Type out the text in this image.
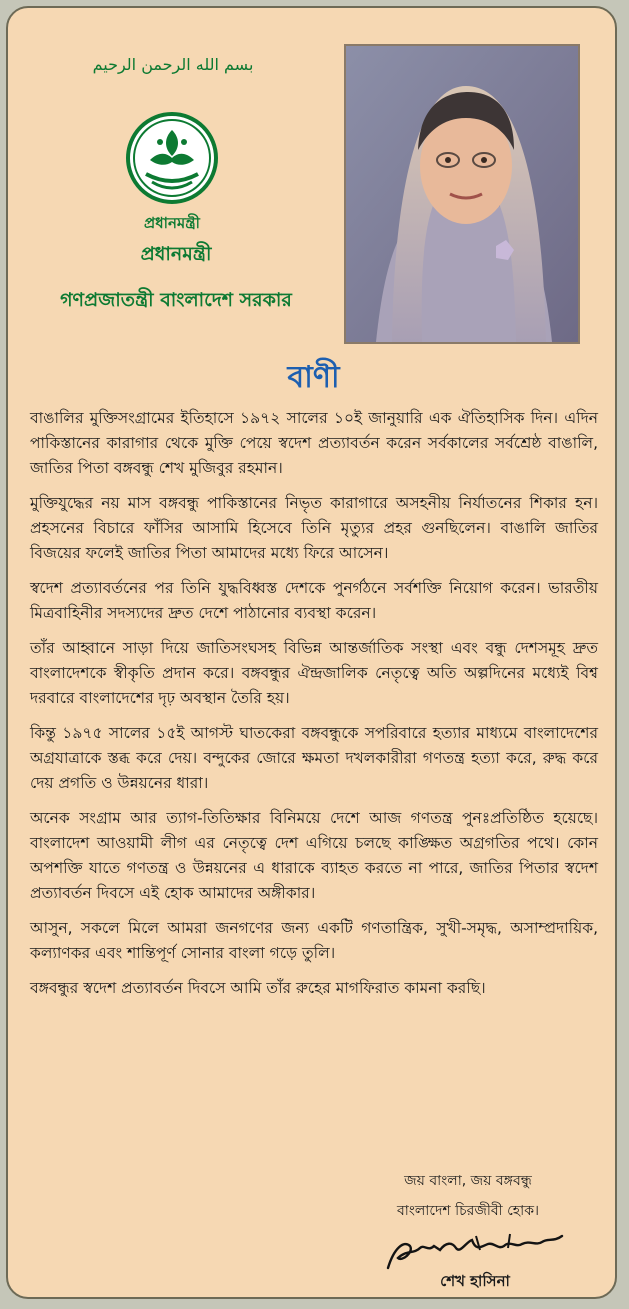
بسم الله الرحمن الرحيم
প্রধানমন্ত্রী
প্রধানমন্ত্রী
গণপ্রজাতন্ত্রী বাংলাদেশ সরকার
বাণী

বাঙালির মুক্তিসংগ্রামের ইতিহাসে ১৯৭২ সালের ১০ই জানুয়ারি এক ঐতিহাসিক দিন। এদিন পাকিস্তানের কারাগার থেকে মুক্তি পেয়ে স্বদেশ প্রত্যাবর্তন করেন সর্বকালের সর্বশ্রেষ্ঠ বাঙালি, জাতির পিতা বঙ্গবন্ধু শেখ মুজিবুর রহমান।

মুক্তিযুদ্ধের নয় মাস বঙ্গবন্ধু পাকিস্তানের নিভৃত কারাগারে অসহনীয় নির্যাতনের শিকার হন। প্রহসনের বিচারে ফাঁসির আসামি হিসেবে তিনি মৃত্যুর প্রহর গুনছিলেন। বাঙালি জাতির বিজয়ের ফলেই জাতির পিতা আমাদের মধ্যে ফিরে আসেন।

স্বদেশ প্রত্যাবর্তনের পর তিনি যুদ্ধবিধ্বস্ত দেশকে পুনর্গঠনে সর্বশক্তি নিয়োগ করেন। ভারতীয় মিত্রবাহিনীর সদস্যদের দ্রুত দেশে পাঠানোর ব্যবস্থা করেন।

তাঁর আহ্বানে সাড়া দিয়ে জাতিসংঘসহ বিভিন্ন আন্তর্জাতিক সংস্থা এবং বন্ধু দেশসমূহ দ্রুত বাংলাদেশকে স্বীকৃতি প্রদান করে। বঙ্গবন্ধুর ঐন্দ্রজালিক নেতৃত্বে অতি অল্পদিনের মধ্যেই বিশ্ব দরবারে বাংলাদেশের দৃঢ় অবস্থান তৈরি হয়।

কিন্তু ১৯৭৫ সালের ১৫ই আগস্ট ঘাতকেরা বঙ্গবন্ধুকে সপরিবারে হত্যার মাধ্যমে বাংলাদেশের অগ্রযাত্রাকে স্তব্ধ করে দেয়। বন্দুকের জোরে ক্ষমতা দখলকারীরা গণতন্ত্র হত্যা করে, রুদ্ধ করে দেয় প্রগতি ও উন্নয়নের ধারা।

অনেক সংগ্রাম আর ত্যাগ-তিতিক্ষার বিনিময়ে দেশে আজ গণতন্ত্র পুনঃপ্রতিষ্ঠিত হয়েছে। বাংলাদেশ আওয়ামী লীগ এর নেতৃত্বে দেশ এগিয়ে চলছে কাঙ্ক্ষিত অগ্রগতির পথে। কোন অপশক্তি যাতে গণতন্ত্র ও উন্নয়নের এ ধারাকে ব্যাহত করতে না পারে, জাতির পিতার স্বদেশ প্রত্যাবর্তন দিবসে এই হোক আমাদের অঙ্গীকার।

আসুন, সকলে মিলে আমরা জনগণের জন্য একটি গণতান্ত্রিক, সুখী-সমৃদ্ধ, অসাম্প্রদায়িক, কল্যাণকর এবং শান্তিপূর্ণ সোনার বাংলা গড়ে তুলি।

বঙ্গবন্ধুর স্বদেশ প্রত্যাবর্তন দিবসে আমি তাঁর রুহের মাগফিরাত কামনা করছি।

জয় বাংলা, জয় বঙ্গবন্ধু
বাংলাদেশ চিরজীবী হোক।
শেখ হাসিনা
